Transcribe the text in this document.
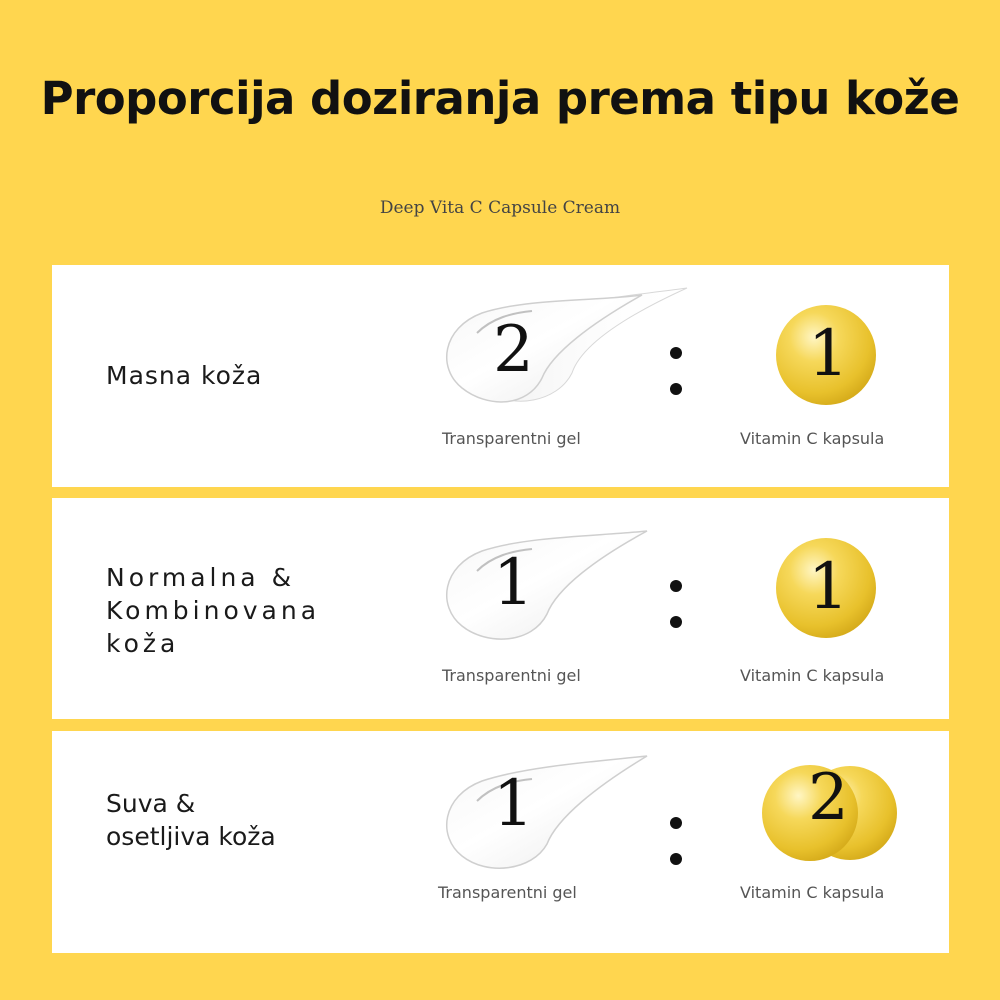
Proporcija doziranja prema tipu kože
Deep Vita C Capsule Cream
Masna koža	2	1
Transparentni gel	Vitamin C kapsula
Normalna &
Kombinovana
koža
1	1
Transparentni gel	Vitamin C kapsula
Suva &
osetljiva koža	1	2
Transparentni gel	Vitamin C kapsula
